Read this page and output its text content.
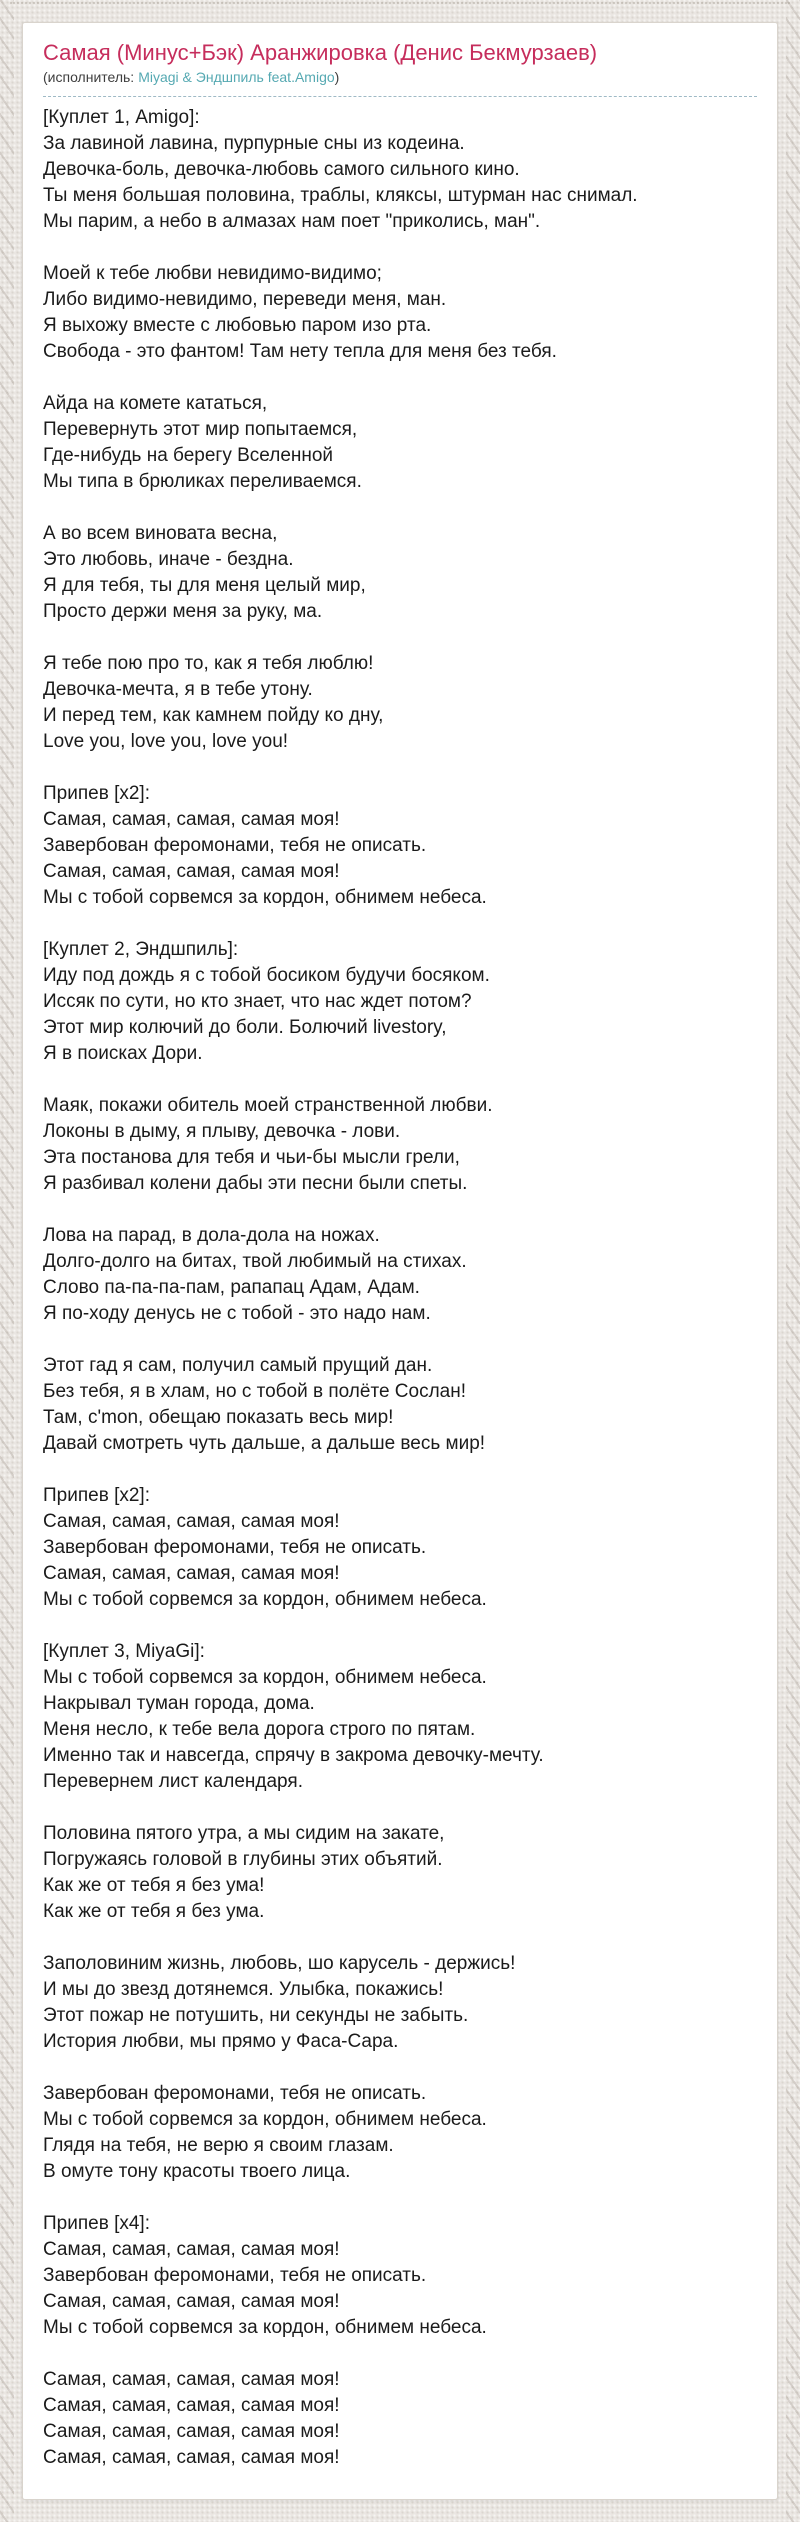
Самая (Минус+Бэк) Аранжировка (Денис Бекмурзаев)
(исполнитель: Miyagi & Эндшпиль feat.Amigo)

[Куплет 1, Amigo]:
За лавиной лавина, пурпурные сны из кодеина.
Девочка-боль, девочка-любовь самого сильного кино.
Ты меня большая половина, траблы, кляксы, штурман нас снимал.
Мы парим, а небо в алмазах нам поет "приколись, ман".

Моей к тебе любви невидимо-видимо;
Либо видимо-невидимо, переведи меня, ман.
Я выхожу вместе с любовью паром изо рта.
Свобода - это фантом! Там нету тепла для меня без тебя.

Айда на комете кататься,
Перевернуть этот мир попытаемся,
Где-нибудь на берегу Вселенной
Мы типа в брюликах переливаемся.

А во всем виновата весна,
Это любовь, иначе - бездна.
Я для тебя, ты для меня целый мир,
Просто держи меня за руку, ма.

Я тебе пою про то, как я тебя люблю!
Девочка-мечта, я в тебе утону.
И перед тем, как камнем пойду ко дну,
Love you, love you, love you!

Припев [x2]:
Самая, самая, самая, самая моя!
Завербован феромонами, тебя не описать.
Самая, самая, самая, самая моя!
Мы с тобой сорвемся за кордон, обнимем небеса.

[Куплет 2, Эндшпиль]:
Иду под дождь я с тобой босиком будучи босяком.
Иссяк по сути, но кто знает, что нас ждет потом?
Этот мир колючий до боли. Болючий livestory,
Я в поисках Дори.

Маяк, покажи обитель моей странственной любви.
Локоны в дыму, я плыву, девочка - лови.
Эта постанова для тебя и чьи-бы мысли грели,
Я разбивал колени дабы эти песни были спеты.

Лова на парад, в дола-дола на ножах.
Долго-долго на битах, твой любимый на стихах.
Слово па-па-па-пам, рапапац Адам, Адам.
Я по-ходу денусь не с тобой - это надо нам.

Этот гад я сам, получил самый прущий дан.
Без тебя, я в хлам, но с тобой в полёте Сослан!
Там, c'mon, обещаю показать весь мир!
Давай смотреть чуть дальше, а дальше весь мир!

Припев [x2]:
Самая, самая, самая, самая моя!
Завербован феромонами, тебя не описать.
Самая, самая, самая, самая моя!
Мы с тобой сорвемся за кордон, обнимем небеса.

[Куплет 3, MiyaGi]:
Мы с тобой сорвемся за кордон, обнимем небеса.
Накрывал туман города, дома.
Меня несло, к тебе вела дорога строго по пятам.
Именно так и навсегда, спрячу в закрома девочку-мечту.
Перевернем лист календаря.

Половина пятого утра, а мы сидим на закате,
Погружаясь головой в глубины этих объятий.
Как же от тебя я без ума!
Как же от тебя я без ума.

Заполовиним жизнь, любовь, шо карусель - держись!
И мы до звезд дотянемся. Улыбка, покажись!
Этот пожар не потушить, ни секунды не забыть.
История любви, мы прямо у Фаса-Сара.

Завербован феромонами, тебя не описать.
Мы с тобой сорвемся за кордон, обнимем небеса.
Глядя на тебя, не верю я своим глазам.
В омуте тону красоты твоего лица.

Припев [x4]:
Самая, самая, самая, самая моя!
Завербован феромонами, тебя не описать.
Самая, самая, самая, самая моя!
Мы с тобой сорвемся за кордон, обнимем небеса.

Самая, самая, самая, самая моя!
Самая, самая, самая, самая моя!
Самая, самая, самая, самая моя!
Самая, самая, самая, самая моя!
